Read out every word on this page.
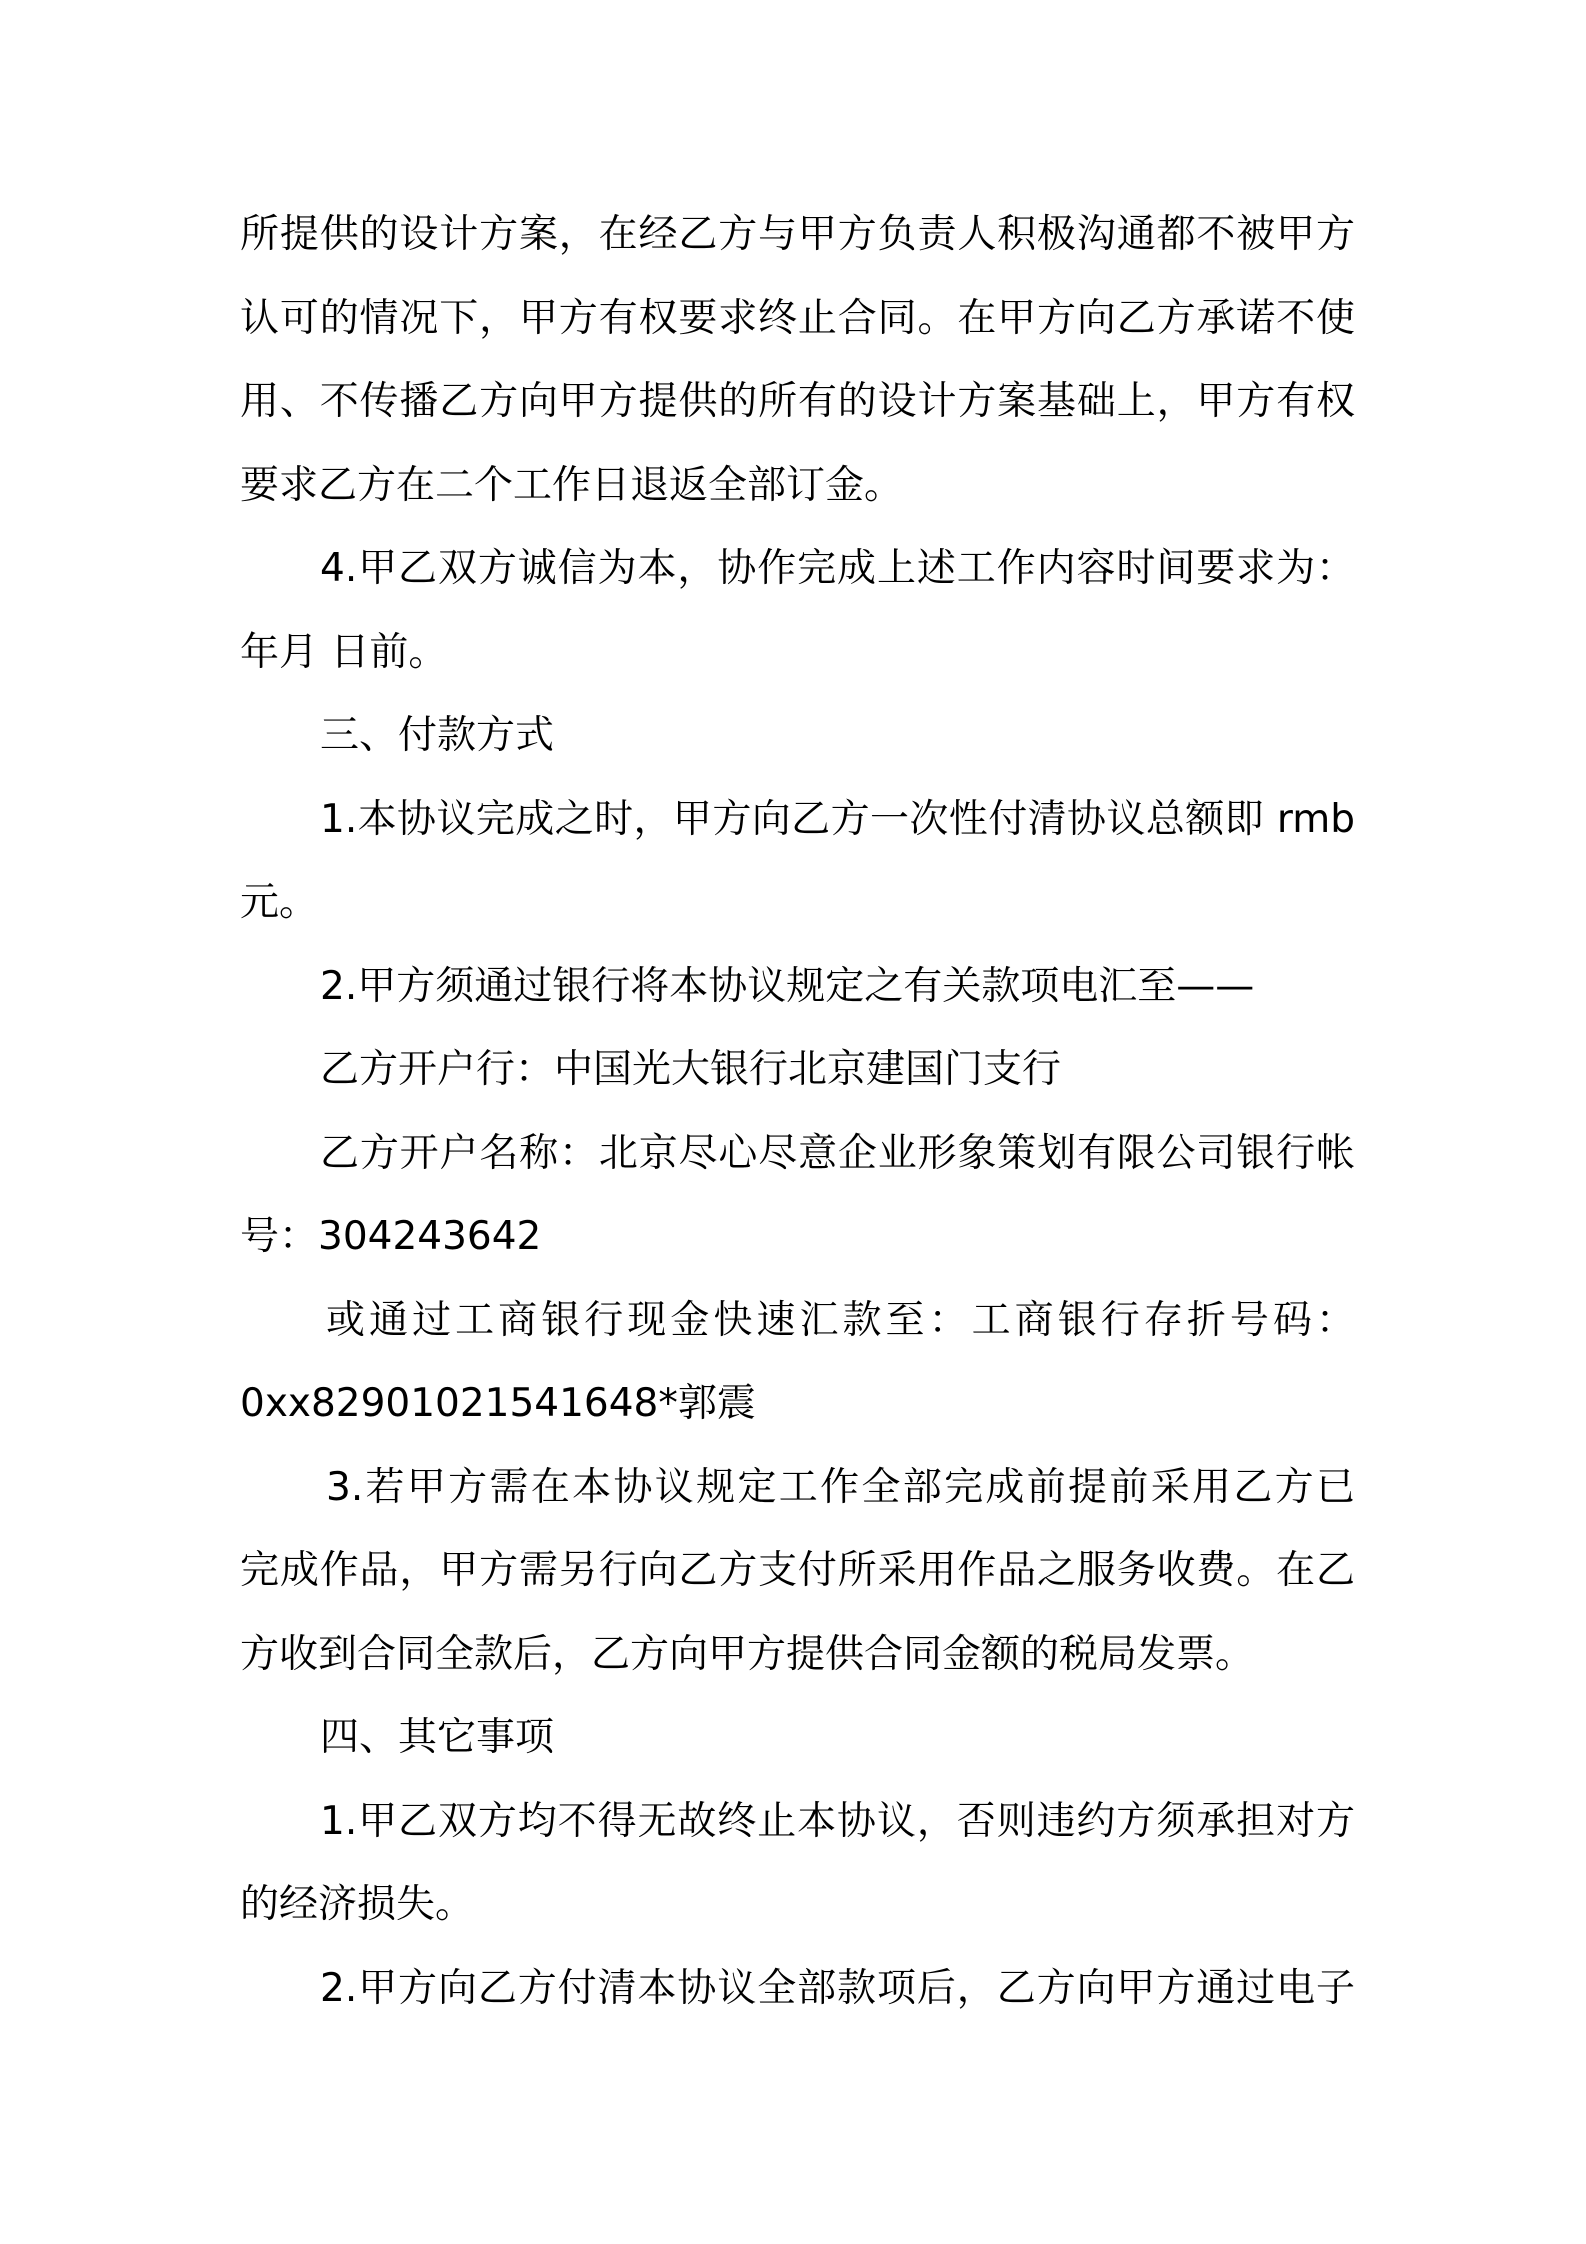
所提供的设计方案，在经乙方与甲方负责人积极沟通都不被甲方
认可的情况下，甲方有权要求终止合同。在甲方向乙方承诺不使
用、不传播乙方向甲方提供的所有的设计方案基础上，甲方有权
要求乙方在二个工作日退返全部订金。
4.甲乙双方诚信为本，协作完成上述工作内容时间要求为：
年月 日前。
三、付款方式
1.本协议完成之时，甲方向乙方一次性付清协议总额即 rmb
元。
2.甲方须通过银行将本协议规定之有关款项电汇至——
乙方开户行：中国光大银行北京建国门支行
乙方开户名称：北京尽心尽意企业形象策划有限公司银行帐
号：304243642
或通过工商银行现金快速汇款至：工商银行存折号码：
0xx82901021541648*郭震
3.若甲方需在本协议规定工作全部完成前提前采用乙方已
完成作品，甲方需另行向乙方支付所采用作品之服务收费。在乙
方收到合同全款后，乙方向甲方提供合同金额的税局发票。
四、其它事项
1.甲乙双方均不得无故终止本协议，否则违约方须承担对方
的经济损失。
2.甲方向乙方付清本协议全部款项后，乙方向甲方通过电子
